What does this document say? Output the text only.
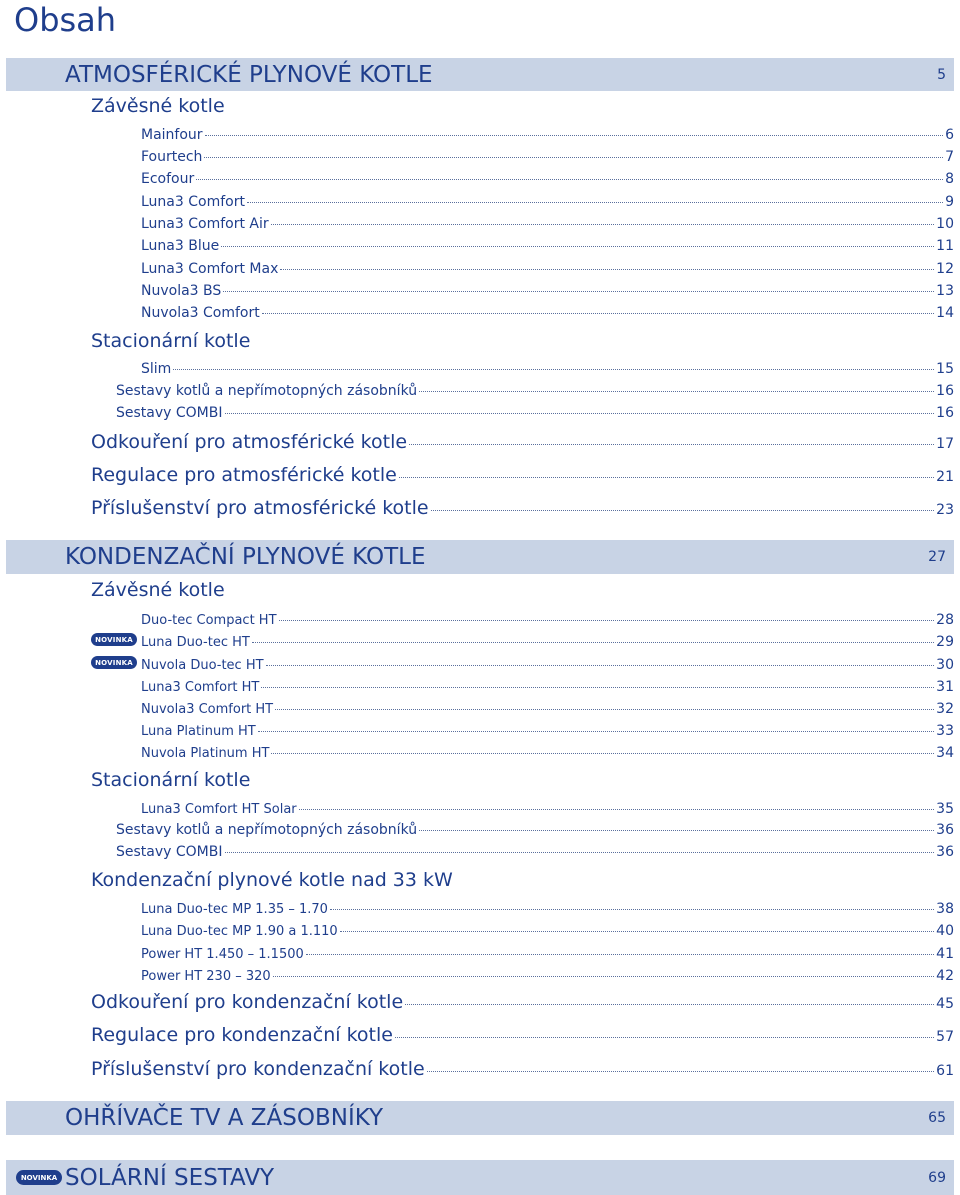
Obsah
ATMOSFÉRICKÉ PLYNOVÉ KOTLE	5
Závěsné kotle
Mainfour	6
Fourtech	7
Ecofour	8
Luna3 Comfort	9
Luna3 Comfort Air	10
Luna3 Blue	11
Luna3 Comfort Max	12
Nuvola3 BS	13
Nuvola3 Comfort	14
Stacionární kotle
Slim	15
Sestavy kotlů a nepřímotopných zásobníků	16
Sestavy COMBI	16
Odkouření pro atmosférické kotle	17
Regulace pro atmosférické kotle	21
Příslušenství pro atmosférické kotle	23
KONDENZAČNÍ PLYNOVÉ KOTLE	27
Závěsné kotle
Duo-tec Compact HT	28
NOVINKA Luna Duo-tec HT	29
NOVINKA Nuvola Duo-tec HT	30
Luna3 Comfort HT	31
Nuvola3 Comfort HT	32
Luna Platinum HT	33
Nuvola Platinum HT	34
Stacionární kotle
Luna3 Comfort HT Solar	35
Sestavy kotlů a nepřímotopných zásobníků	36
Sestavy COMBI	36
Kondenzační plynové kotle nad 33 kW
Luna Duo-tec MP 1.35 – 1.70	38
Luna Duo-tec MP 1.90 a 1.110	40
Power HT 1.450 – 1.1500	41
Power HT 230 – 320	42
Odkouření pro kondenzační kotle	45
Regulace pro kondenzační kotle	57
Příslušenství pro kondenzační kotle	61
OHŘÍVAČE TV A ZÁSOBNÍKY	65
NOVINKA SOLÁRNÍ SESTAVY	69
